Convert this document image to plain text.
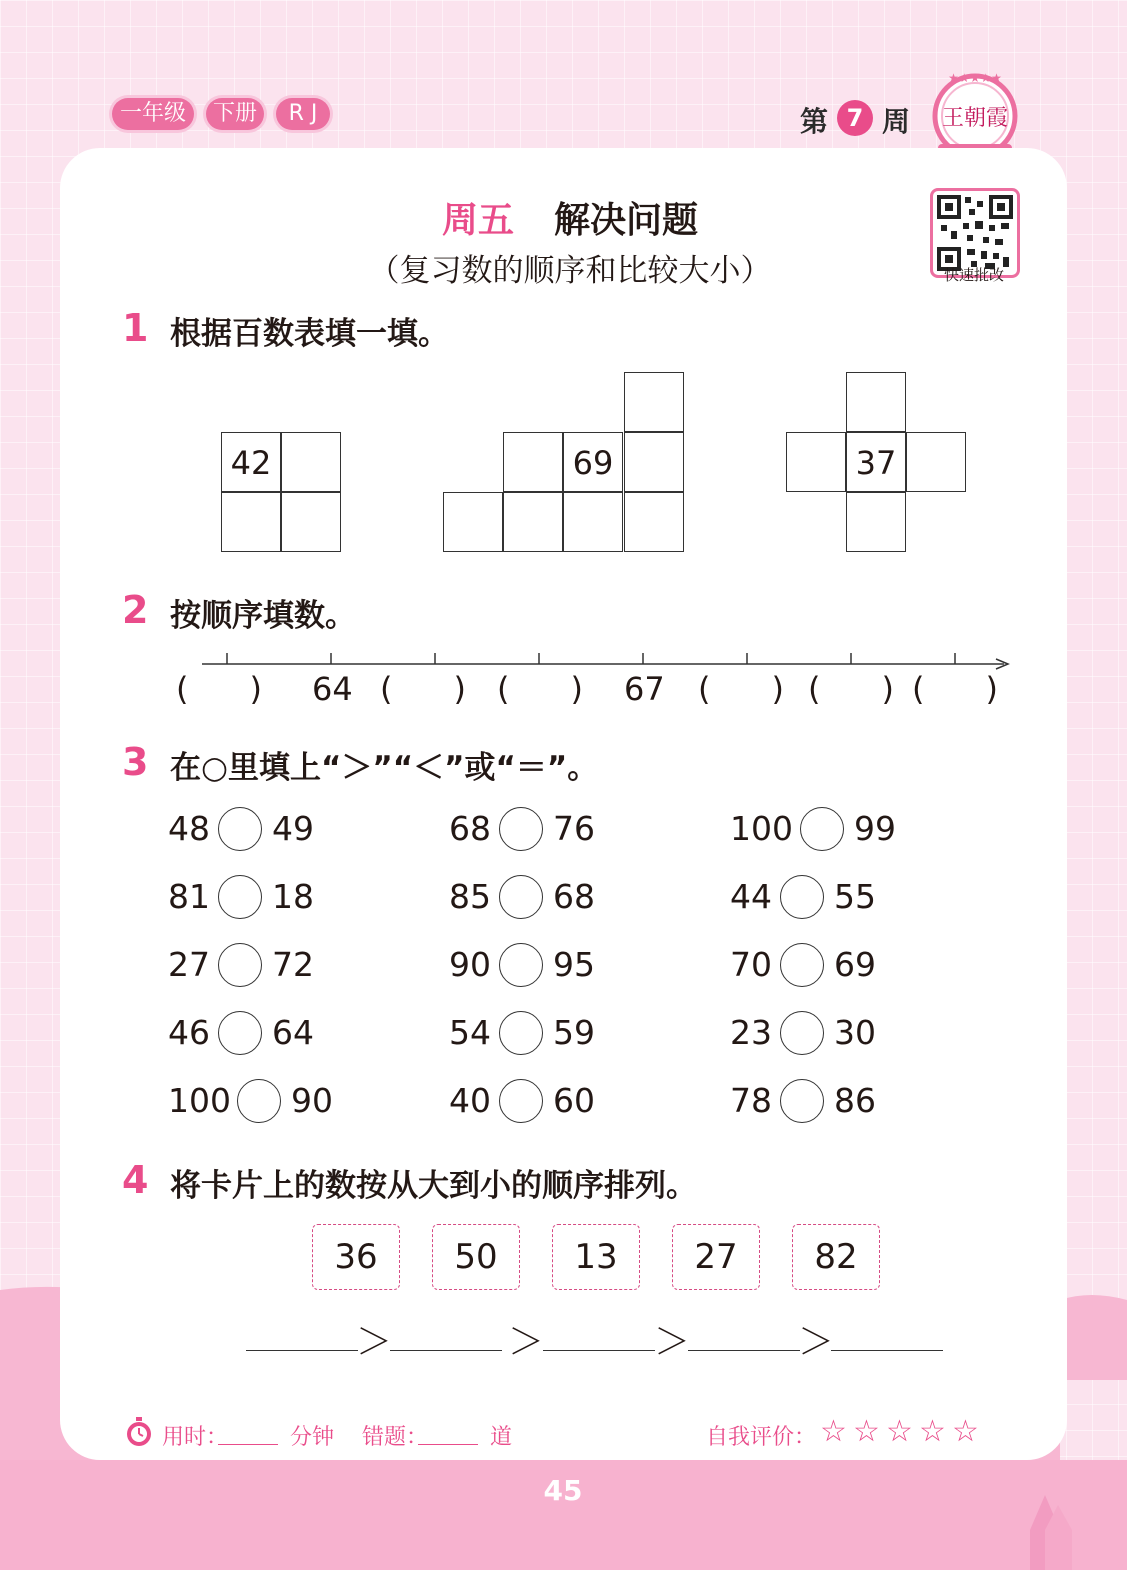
一年级	下册	R J	第 7 周 王朝霞
★★★★★
周五 解决问题
（复习数的顺序和比较大小）	快速批改
1 根据百数表填一填。
42	69	37
2 按顺序填数。
(      ) 64 (      ) (      ) 67 (      ) (      ) (      )
3 在○里填上“＞”“＜”或“＝”。
48 49	68 76	100 99
81 18	85 68	44 55
27 72	90 95	70 69
46 64	54 59	23 30
100 90	40 60	78 86
4 将卡片上的数按从大到小的顺序排列。
36	50	13	27	82
＞	＞	＞	＞
用时：	分钟 错题：	道	自我评价： ☆ ☆ ☆ ☆ ☆
45
